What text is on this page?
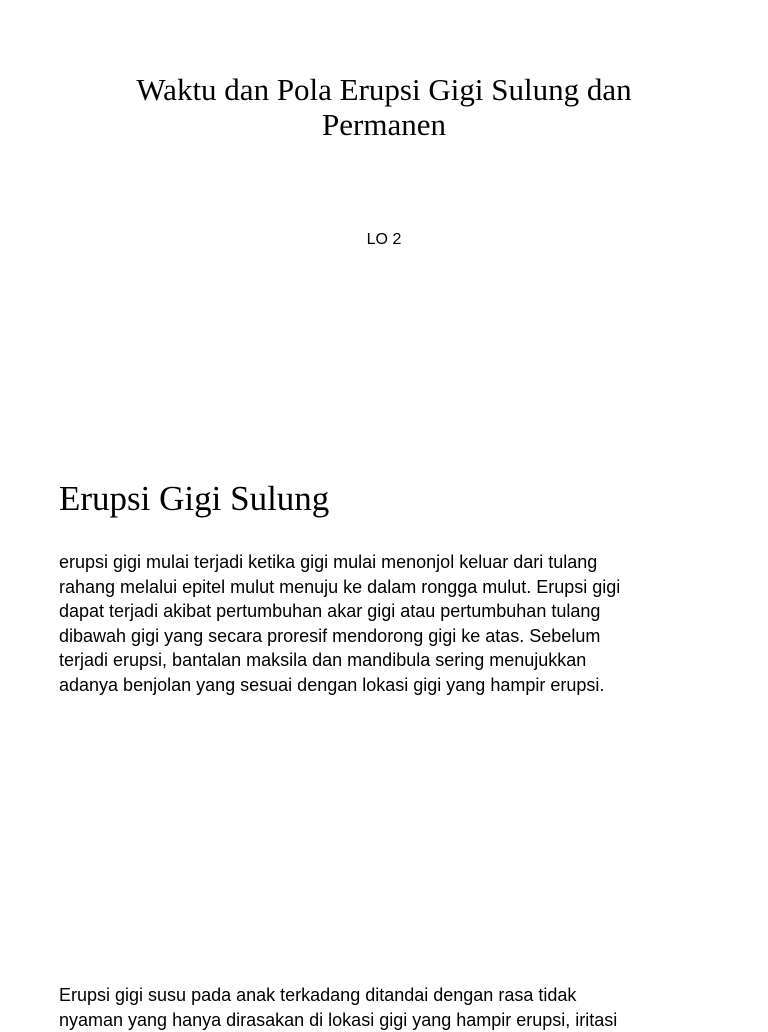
Waktu dan Pola Erupsi Gigi Sulung dan Permanen
LO 2
Erupsi Gigi Sulung
erupsi gigi mulai terjadi ketika gigi mulai menonjol keluar dari tulang
rahang melalui epitel mulut menuju ke dalam rongga mulut. Erupsi gigi
dapat terjadi akibat pertumbuhan akar gigi atau pertumbuhan tulang
dibawah gigi yang secara proresif mendorong gigi ke atas. Sebelum
terjadi erupsi, bantalan maksila dan mandibula sering menujukkan
adanya benjolan yang sesuai dengan lokasi gigi yang hampir erupsi.
Erupsi gigi susu pada anak terkadang ditandai dengan rasa tidak
nyaman yang hanya dirasakan di lokasi gigi yang hampir erupsi, iritasi
